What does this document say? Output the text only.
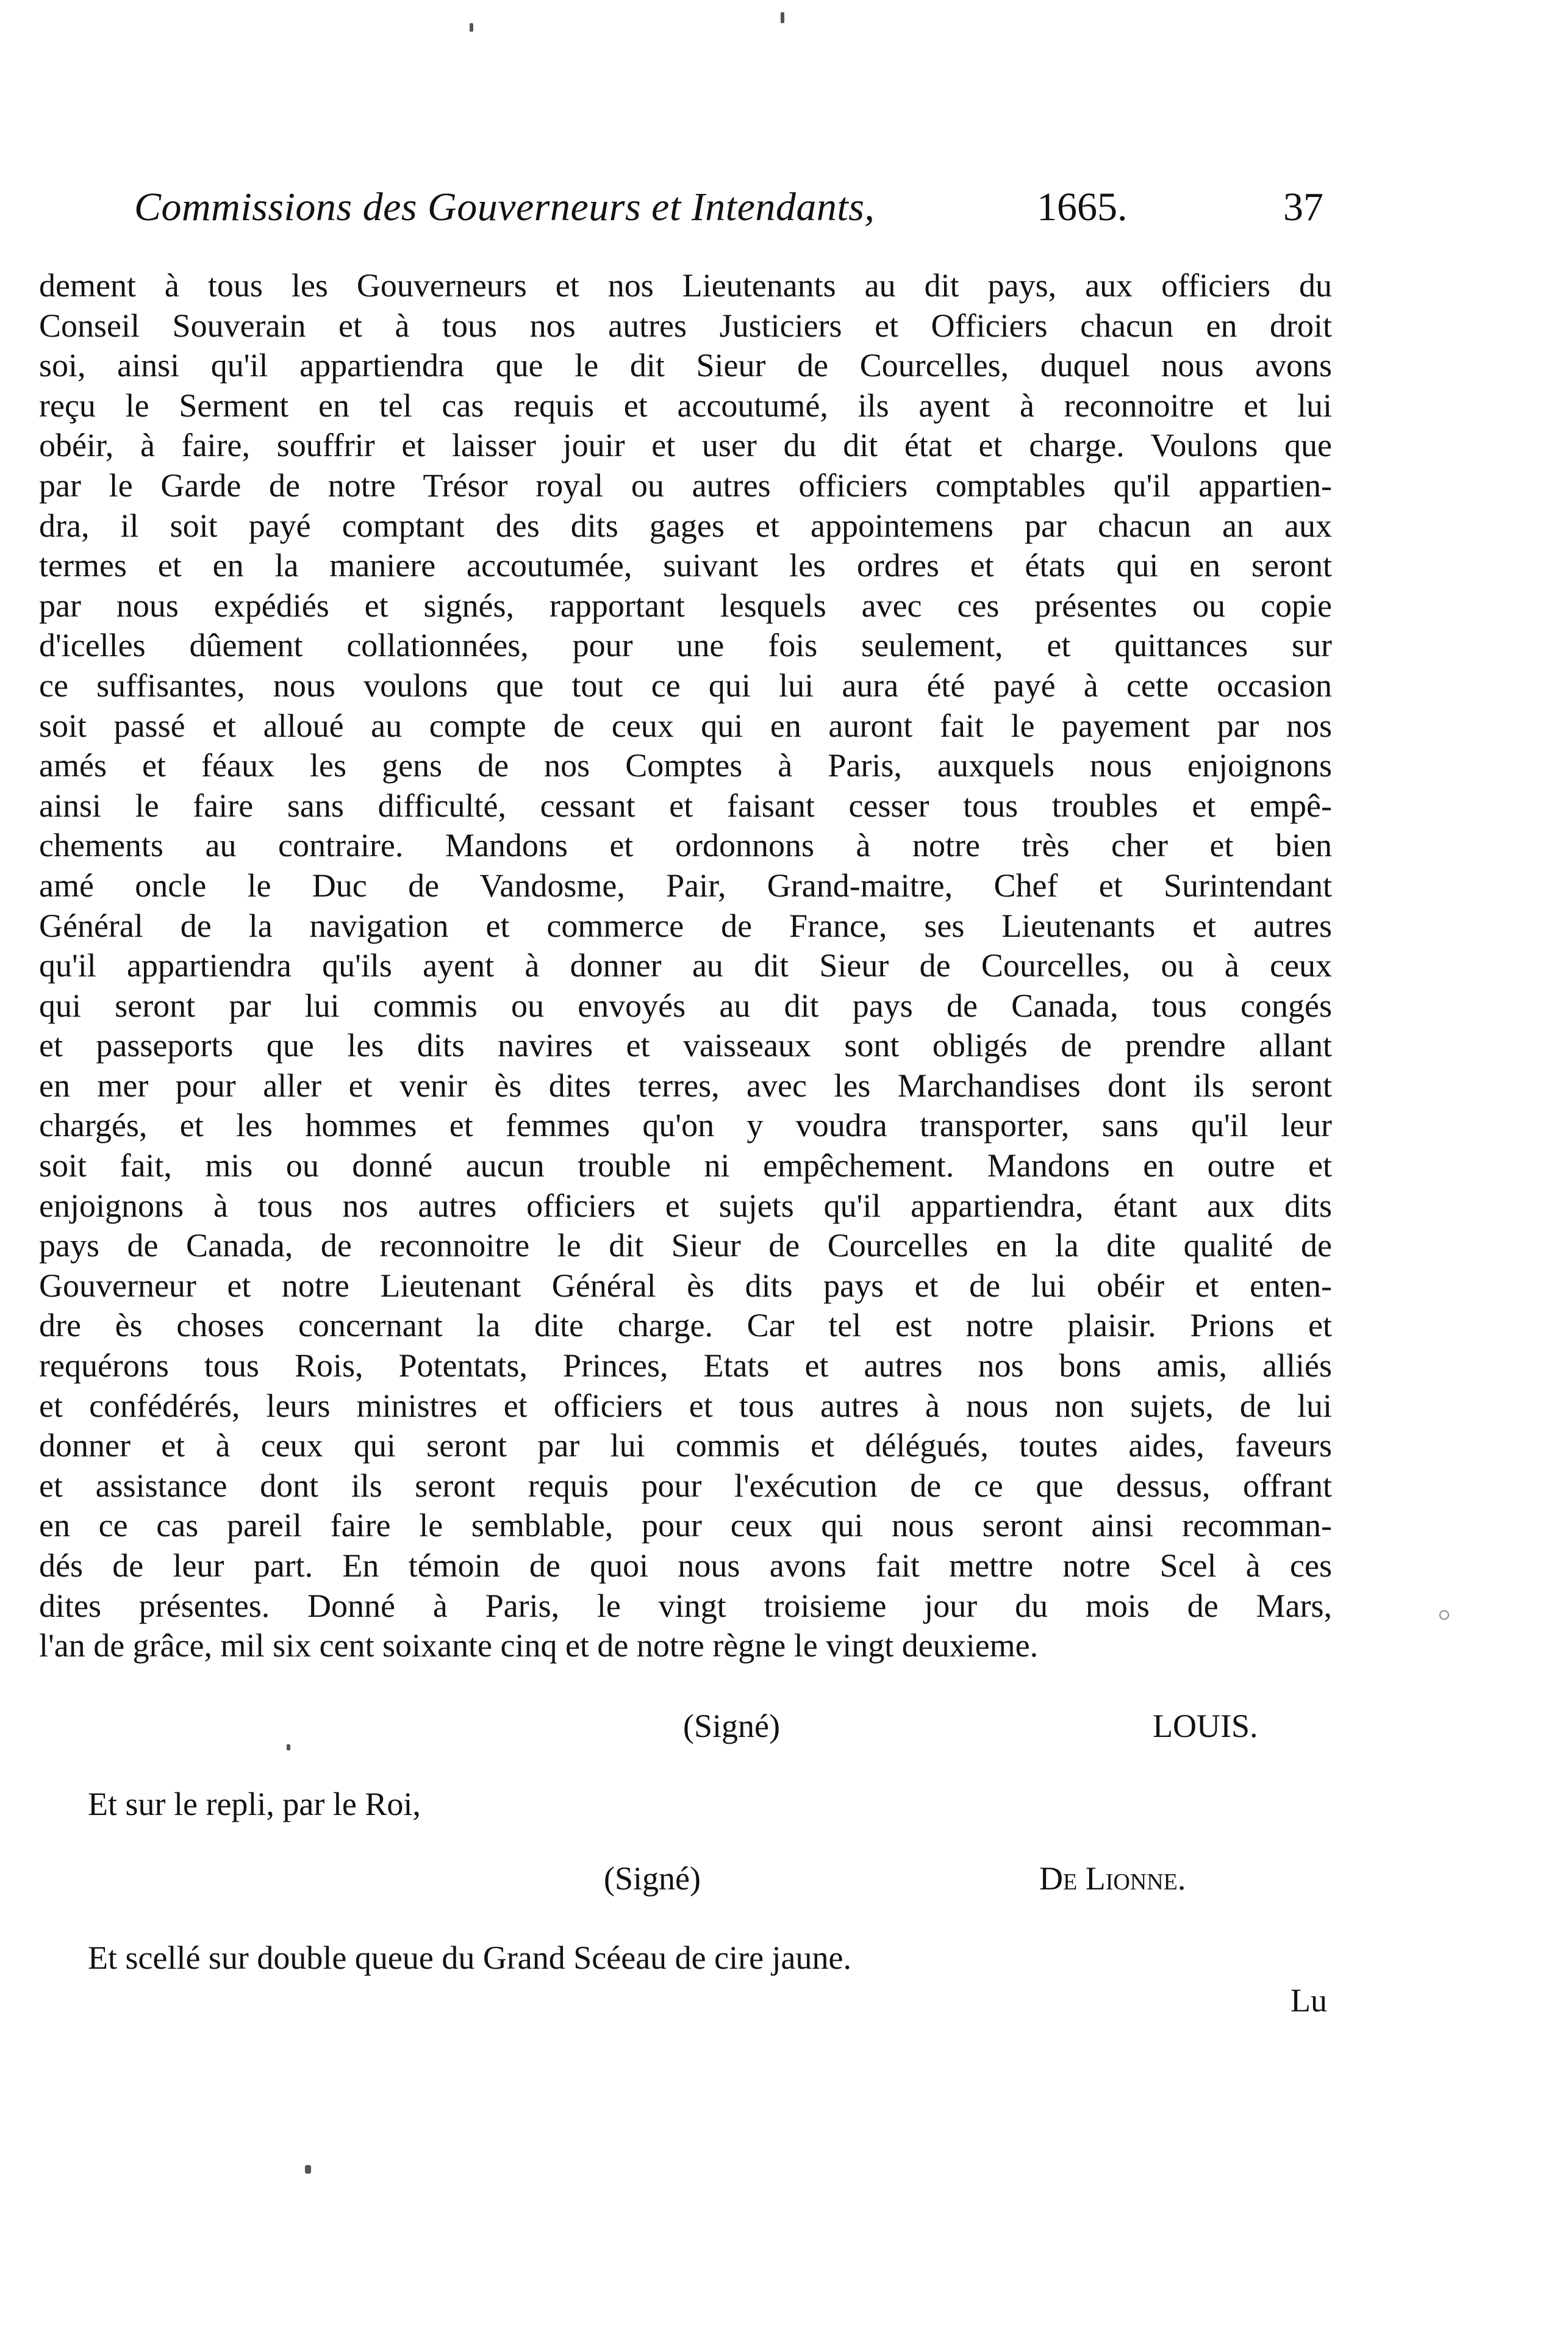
Commissions des Gouverneurs et Intendants,	1665.	37
dement à tous les Gouverneurs et nos Lieutenants au dit pays, aux officiers du
Conseil Souverain et à tous nos autres Justiciers et Officiers chacun en droit
soi, ainsi qu'il appartiendra que le dit Sieur de Courcelles, duquel nous avons
reçu le Serment en tel cas requis et accoutumé, ils ayent à reconnoitre et lui
obéir, à faire, souffrir et laisser jouir et user du dit état et charge. Voulons que
par le Garde de notre Trésor royal ou autres officiers comptables qu'il appartien-
dra, il soit payé comptant des dits gages et appointemens par chacun an aux
termes et en la maniere accoutumée, suivant les ordres et états qui en seront
par nous expédiés et signés, rapportant lesquels avec ces présentes ou copie
d'icelles dûement collationnées, pour une fois seulement, et quittances sur
ce suffisantes, nous voulons que tout ce qui lui aura été payé à cette occasion
soit passé et alloué au compte de ceux qui en auront fait le payement par nos
amés et féaux les gens de nos Comptes à Paris, auxquels nous enjoignons
ainsi le faire sans difficulté, cessant et faisant cesser tous troubles et empê-
chements au contraire. Mandons et ordonnons à notre très cher et bien
amé oncle le Duc de Vandosme, Pair, Grand-maitre, Chef et Surintendant
Général de la navigation et commerce de France, ses Lieutenants et autres
qu'il appartiendra qu'ils ayent à donner au dit Sieur de Courcelles, ou à ceux
qui seront par lui commis ou envoyés au dit pays de Canada, tous congés
et passeports que les dits navires et vaisseaux sont obligés de prendre allant
en mer pour aller et venir ès dites terres, avec les Marchandises dont ils seront
chargés, et les hommes et femmes qu'on y voudra transporter, sans qu'il leur
soit fait, mis ou donné aucun trouble ni empêchement. Mandons en outre et
enjoignons à tous nos autres officiers et sujets qu'il appartiendra, étant aux dits
pays de Canada, de reconnoitre le dit Sieur de Courcelles en la dite qualité de
Gouverneur et notre Lieutenant Général ès dits pays et de lui obéir et enten-
dre ès choses concernant la dite charge. Car tel est notre plaisir. Prions et
requérons tous Rois, Potentats, Princes, Etats et autres nos bons amis, alliés
et confédérés, leurs ministres et officiers et tous autres à nous non sujets, de lui
donner et à ceux qui seront par lui commis et délégués, toutes aides, faveurs
et assistance dont ils seront requis pour l'exécution de ce que dessus, offrant
en ce cas pareil faire le semblable, pour ceux qui nous seront ainsi recomman-
dés de leur part. En témoin de quoi nous avons fait mettre notre Scel à ces
dites présentes. Donné à Paris, le vingt troisieme jour du mois de Mars,
l'an de grâce, mil six cent soixante cinq et de notre règne le vingt deuxieme.
(Signé)	LOUIS.
Et sur le repli, par le Roi,
(Signé)	De Lionne.
Et scellé sur double queue du Grand Scéeau de cire jaune.
Lu
